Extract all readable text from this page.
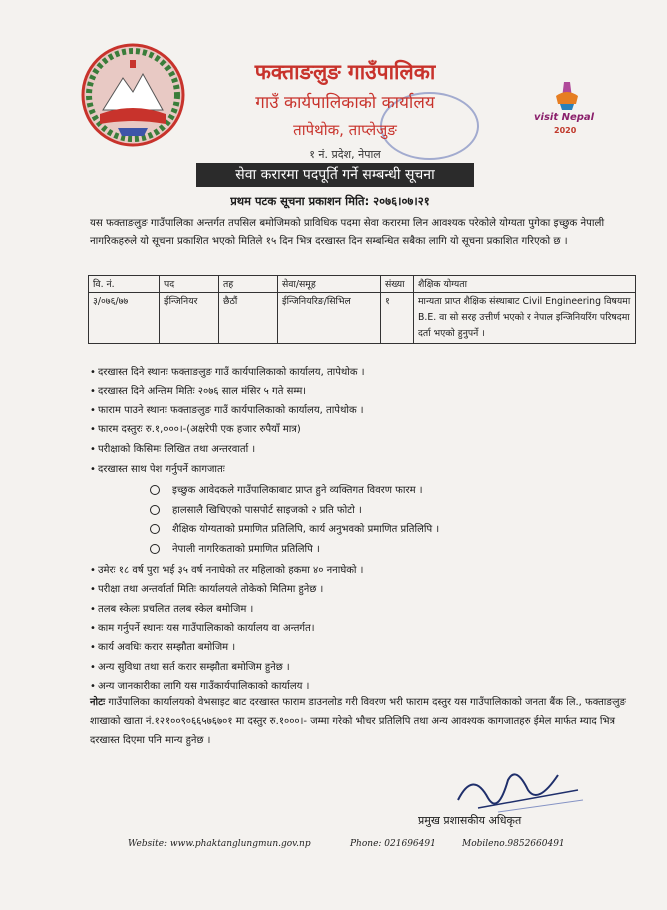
visit Nepal
2020
फक्ताङलुङ गाउँपालिका
गाउँ कार्यपालिकाको कार्यालय
तापेथोक, ताप्लेजुङ
१ नं. प्रदेश, नेपाल
सेवा करारमा पदपूर्ति गर्ने सम्बन्धी सूचना
प्रथम पटक सूचना प्रकाशन मिति: २०७६।०७।२१
यस फक्ताङलुङ गाउँपालिका अन्तर्गत तपसिल बमोजिमको प्राविधिक पदमा सेवा करारमा लिन आवश्यक परेकोले योग्यता पुगेका इच्छुक नेपाली नागरिकहरुले यो सूचना प्रकाशित भएको मितिले १५ दिन भित्र दरखास्त दिन सम्बन्धित सबैका लागि यो सूचना प्रकाशित गरिएको छ ।
वि. नं.	पद	तह	सेवा/समूह	संख्या	शैक्षिक योग्यता
३/०७६/७७	ईन्जिनियर	छैठौं	ईन्जिनियरिङ/सिभिल	१	मान्यता प्राप्त शैक्षिक संस्थाबाट Civil Engineering विषयमा B.E. वा सो सरह उत्तीर्ण भएको र नेपाल इन्जिनियरिंग परिषदमा दर्ता भएको हुनुपर्ने ।
• दरखास्त दिने स्थानः फक्ताङलुङ गाउँ कार्यपालिकाको कार्यालय, तापेथोक ।
• दरखास्त दिने अन्तिम मितिः २०७६ साल मंसिर ५ गते सम्म।
• फाराम पाउने स्थानः फक्ताङलुङ गाउँ कार्यपालिकाको कार्यालय, तापेथोक ।
• फारम दस्तुरः रु.१,०००।-(अक्षरेपी एक हजार रुपैयाँ मात्र)
• परीक्षाको किसिमः लिखित तथा अन्तरवार्ता ।
• दरखास्त साथ पेश गर्नुपर्ने कागजातः
इच्छुक आवेदकले गाउँपालिकाबाट प्राप्त हुने व्यक्तिगत विवरण फारम ।
हालसालै खिचिएको पासपोर्ट साइजको २ प्रति फोटो ।
शैक्षिक योग्यताको प्रमाणित प्रतिलिपि, कार्य अनुभवको प्रमाणित प्रतिलिपि ।
नेपाली नागरिकताको प्रमाणित प्रतिलिपि ।
• उमेरः १८ वर्ष पुरा भई ३५ वर्ष ननाघेको तर महिलाको हकमा ४० ननाघेको ।
• परीक्षा तथा अन्तर्वार्ता मितिः कार्यालयले तोकेको मितिमा हुनेछ ।
• तलब स्केलः प्रचलित तलब स्केल बमोजिम ।
• काम गर्नुपर्ने स्थानः यस गाउँपालिकाको कार्यालय वा अन्तर्गत।
• कार्य अवधिः करार सम्झौता बमोजिम ।
• अन्य सुविधा तथा सर्त करार सम्झौता बमोजिम हुनेछ ।
• अन्य जानकारीका लागि यस गाउँकार्यपालिकाको कार्यालय ।
नोटः गाउँपालिका कार्यालयको वेभसाइट बाट दरखास्त फाराम डाउनलोड गरी विवरण भरी फाराम दस्तुर यस गाउँपालिकाको जनता बैंक लि., फक्ताङलुङ शाखाको खाता नं.१२१००९०६६५७६७०१ मा दस्तुर रु.१०००।- जम्मा गरेको भौचर प्रतिलिपि तथा अन्य आवश्यक कागजातहरु ईमेल मार्फत म्याद भित्र दरखास्त दिएमा पनि मान्य हुनेछ ।
प्रमुख प्रशासकीय अधिकृत
Website: www.phaktanglungmun.gov.np	Phone: 021696491	Mobileno.9852660491
